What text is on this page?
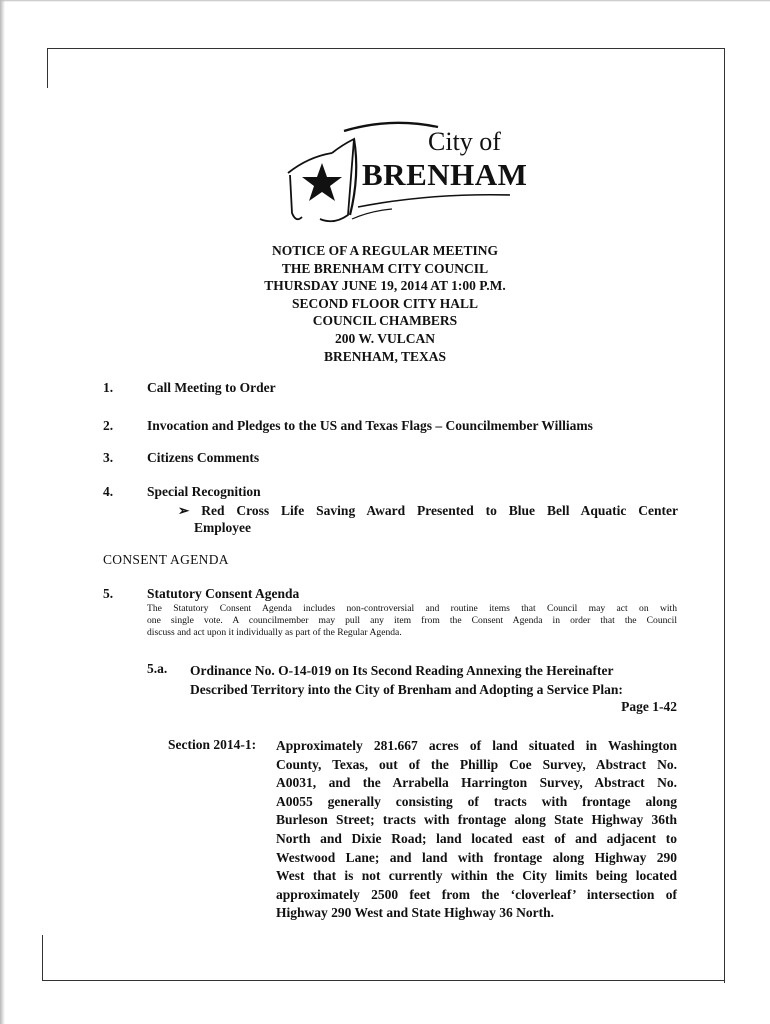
City of
BRENHAM
NOTICE OF A REGULAR MEETING
THE BRENHAM CITY COUNCIL
THURSDAY JUNE 19, 2014 AT 1:00 P.M.
SECOND FLOOR CITY HALL
COUNCIL CHAMBERS
200 W. VULCAN
BRENHAM, TEXAS
1.	Call Meeting to Order
2.	Invocation and Pledges to the US and Texas Flags – Councilmember Williams
3.	Citizens Comments
4.	Special Recognition
➢ Red Cross Life Saving Award Presented to Blue Bell Aquatic Center
Employee
CONSENT AGENDA
5.	Statutory Consent Agenda
The Statutory Consent Agenda includes non-controversial and routine items that Council may act on with
one single vote. A councilmember may pull any item from the Consent Agenda in order that the Council
discuss and act upon it individually as part of the Regular Agenda.
5.a. Ordinance No. O-14-019 on Its Second Reading Annexing the Hereinafter
Described Territory into the City of Brenham and Adopting a Service Plan:
Page 1-42
Section 2014-1: Approximately 281.667 acres of land situated in Washington
County, Texas, out of the Phillip Coe Survey, Abstract No.
A0031, and the Arrabella Harrington Survey, Abstract No.
A0055 generally consisting of tracts with frontage along
Burleson Street; tracts with frontage along State Highway 36th
North and Dixie Road; land located east of and adjacent to
Westwood Lane; and land with frontage along Highway 290
West that is not currently within the City limits being located
approximately 2500 feet from the ‘cloverleaf’ intersection of
Highway 290 West and State Highway 36 North.
